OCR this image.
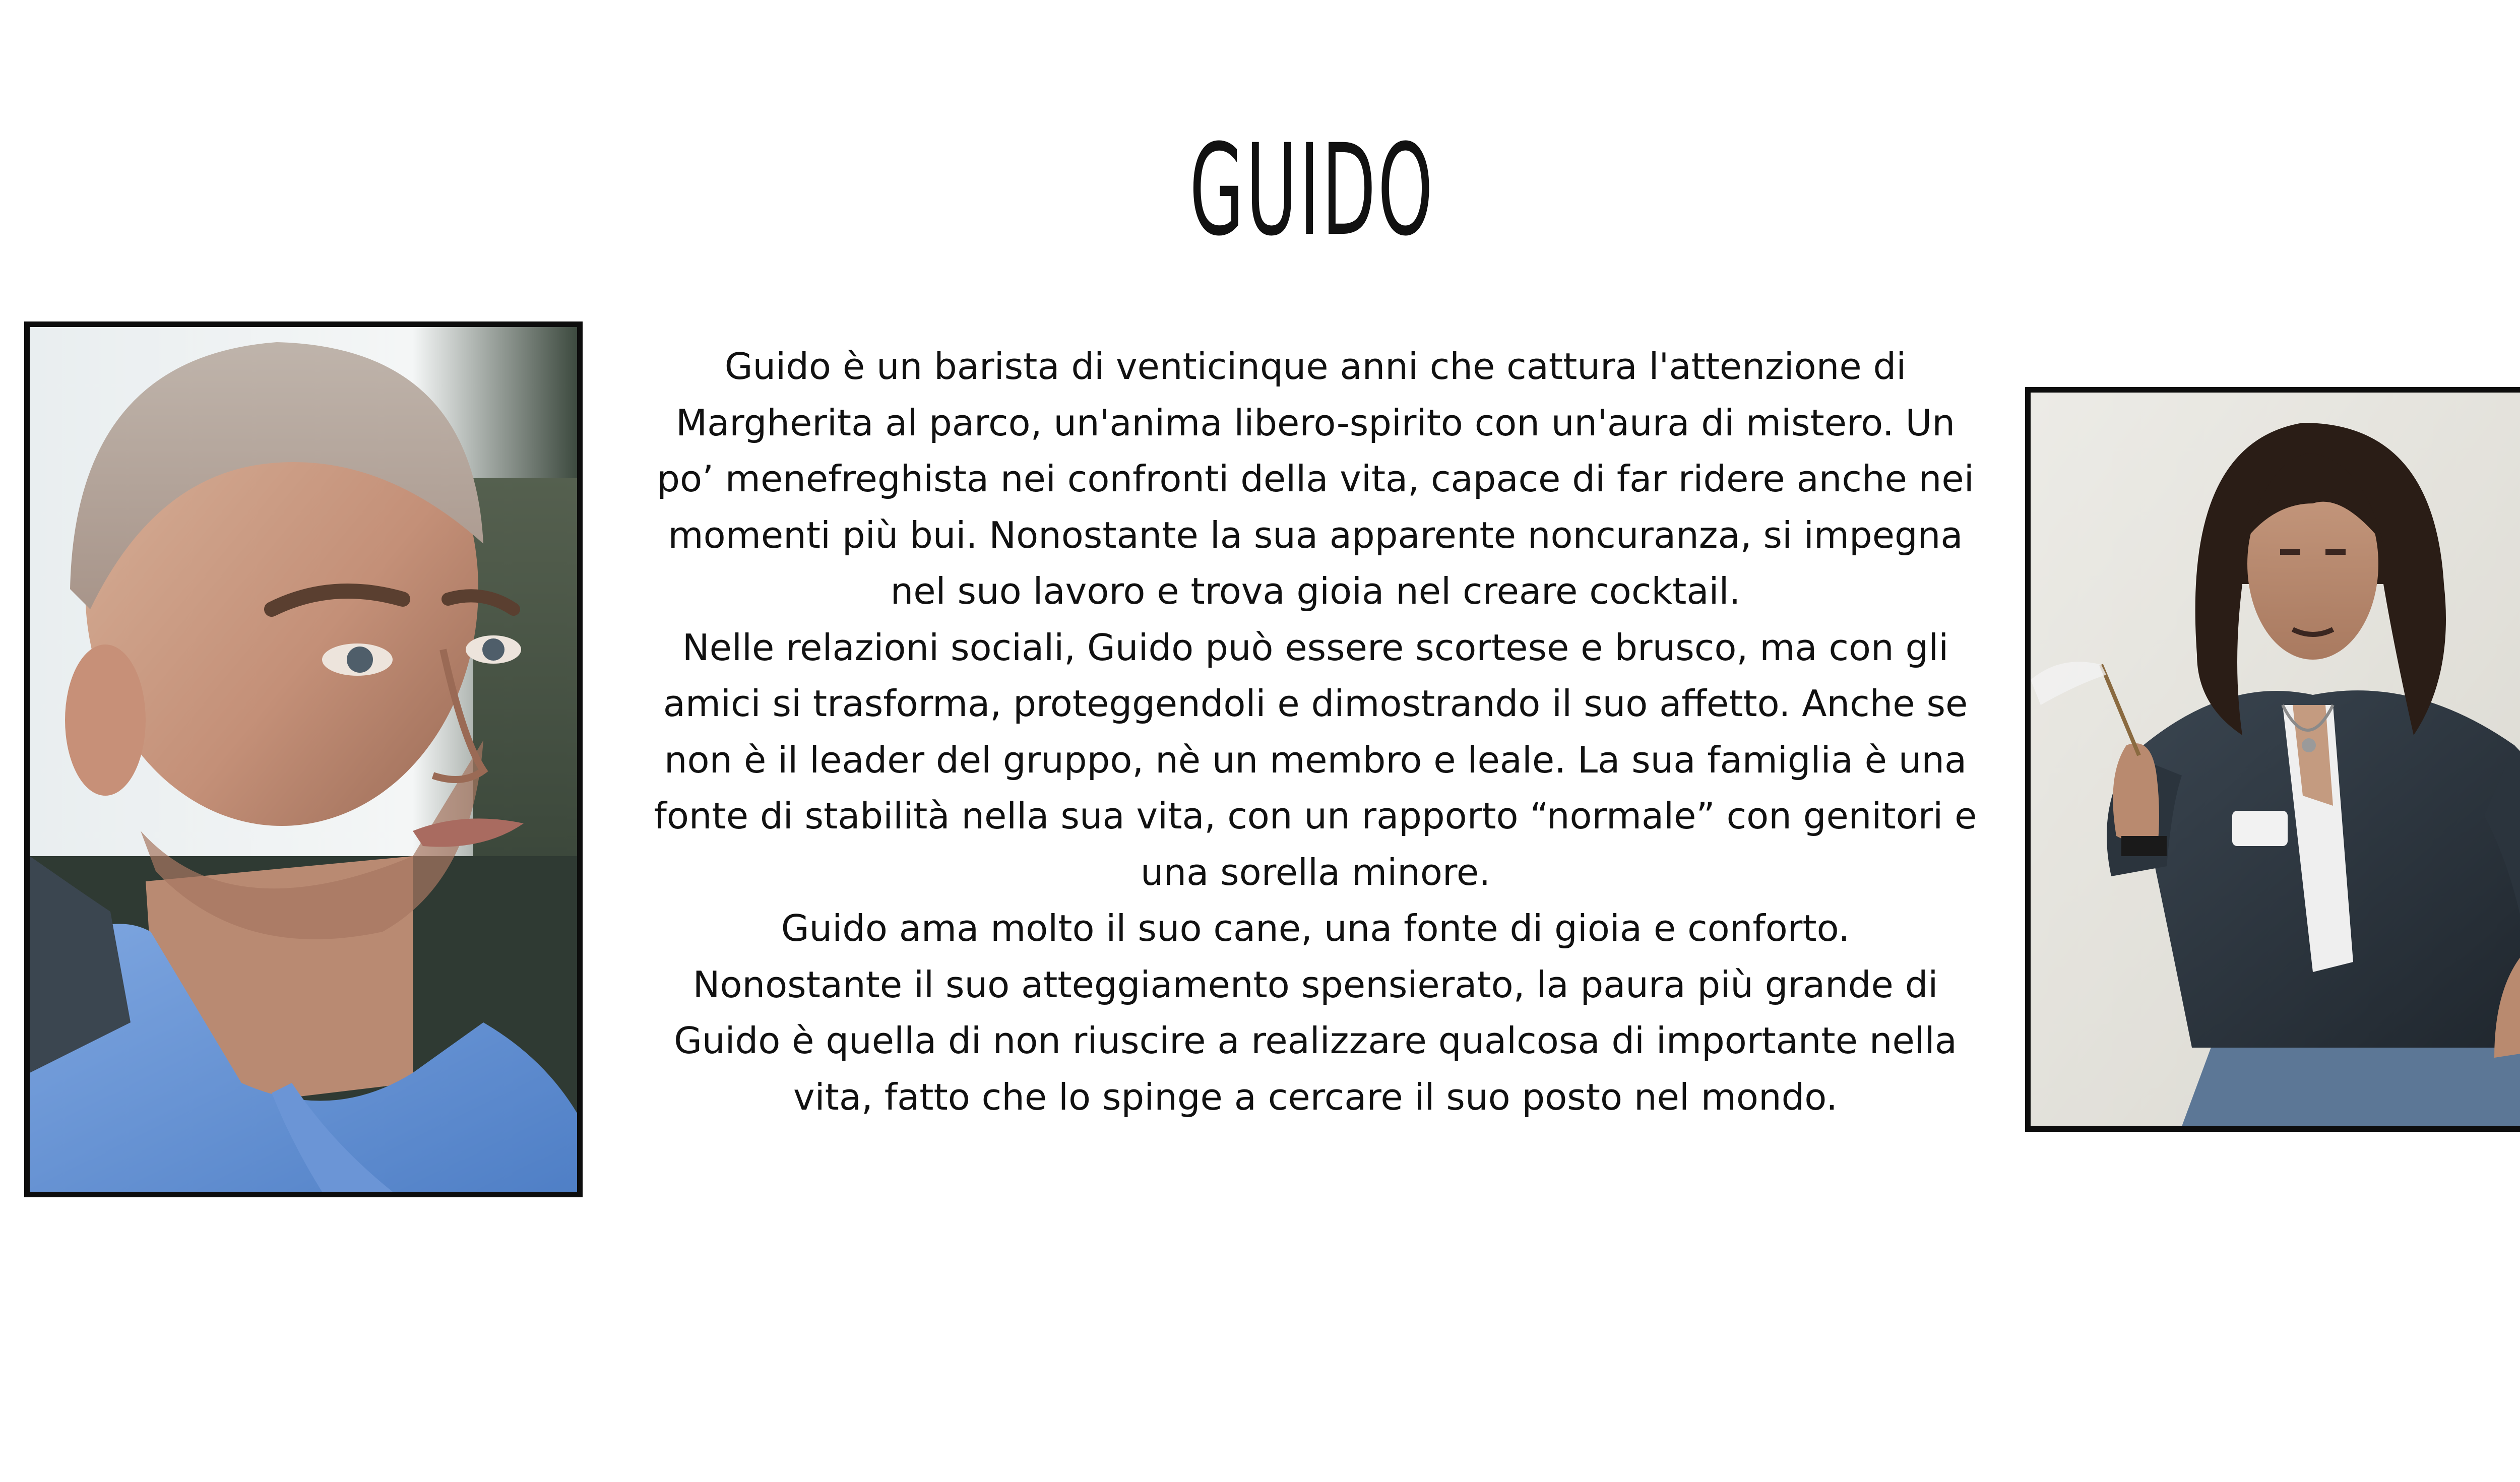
GUIDO

Guido è un barista di venticinque anni che cattura l'attenzione di Margherita al parco, un'anima libero-spirito con un'aura di mistero. Un po’ menefreghista nei confronti della vita, capace di far ridere anche nei momenti più bui. Nonostante la sua apparente noncuranza, si impegna nel suo lavoro e trova gioia nel creare cocktail.

Nelle relazioni sociali, Guido può essere scortese e brusco, ma con gli amici si trasforma, proteggendoli e dimostrando il suo affetto. Anche se non è il leader del gruppo, nè un membro e leale. La sua famiglia è una fonte di stabilità nella sua vita, con un rapporto “normale” con genitori e una sorella minore.

Guido ama molto il suo cane, una fonte di gioia e conforto.

Nonostante il suo atteggiamento spensierato, la paura più grande di Guido è quella di non riuscire a realizzare qualcosa di importante nella vita, fatto che lo spinge a cercare il suo posto nel mondo.
